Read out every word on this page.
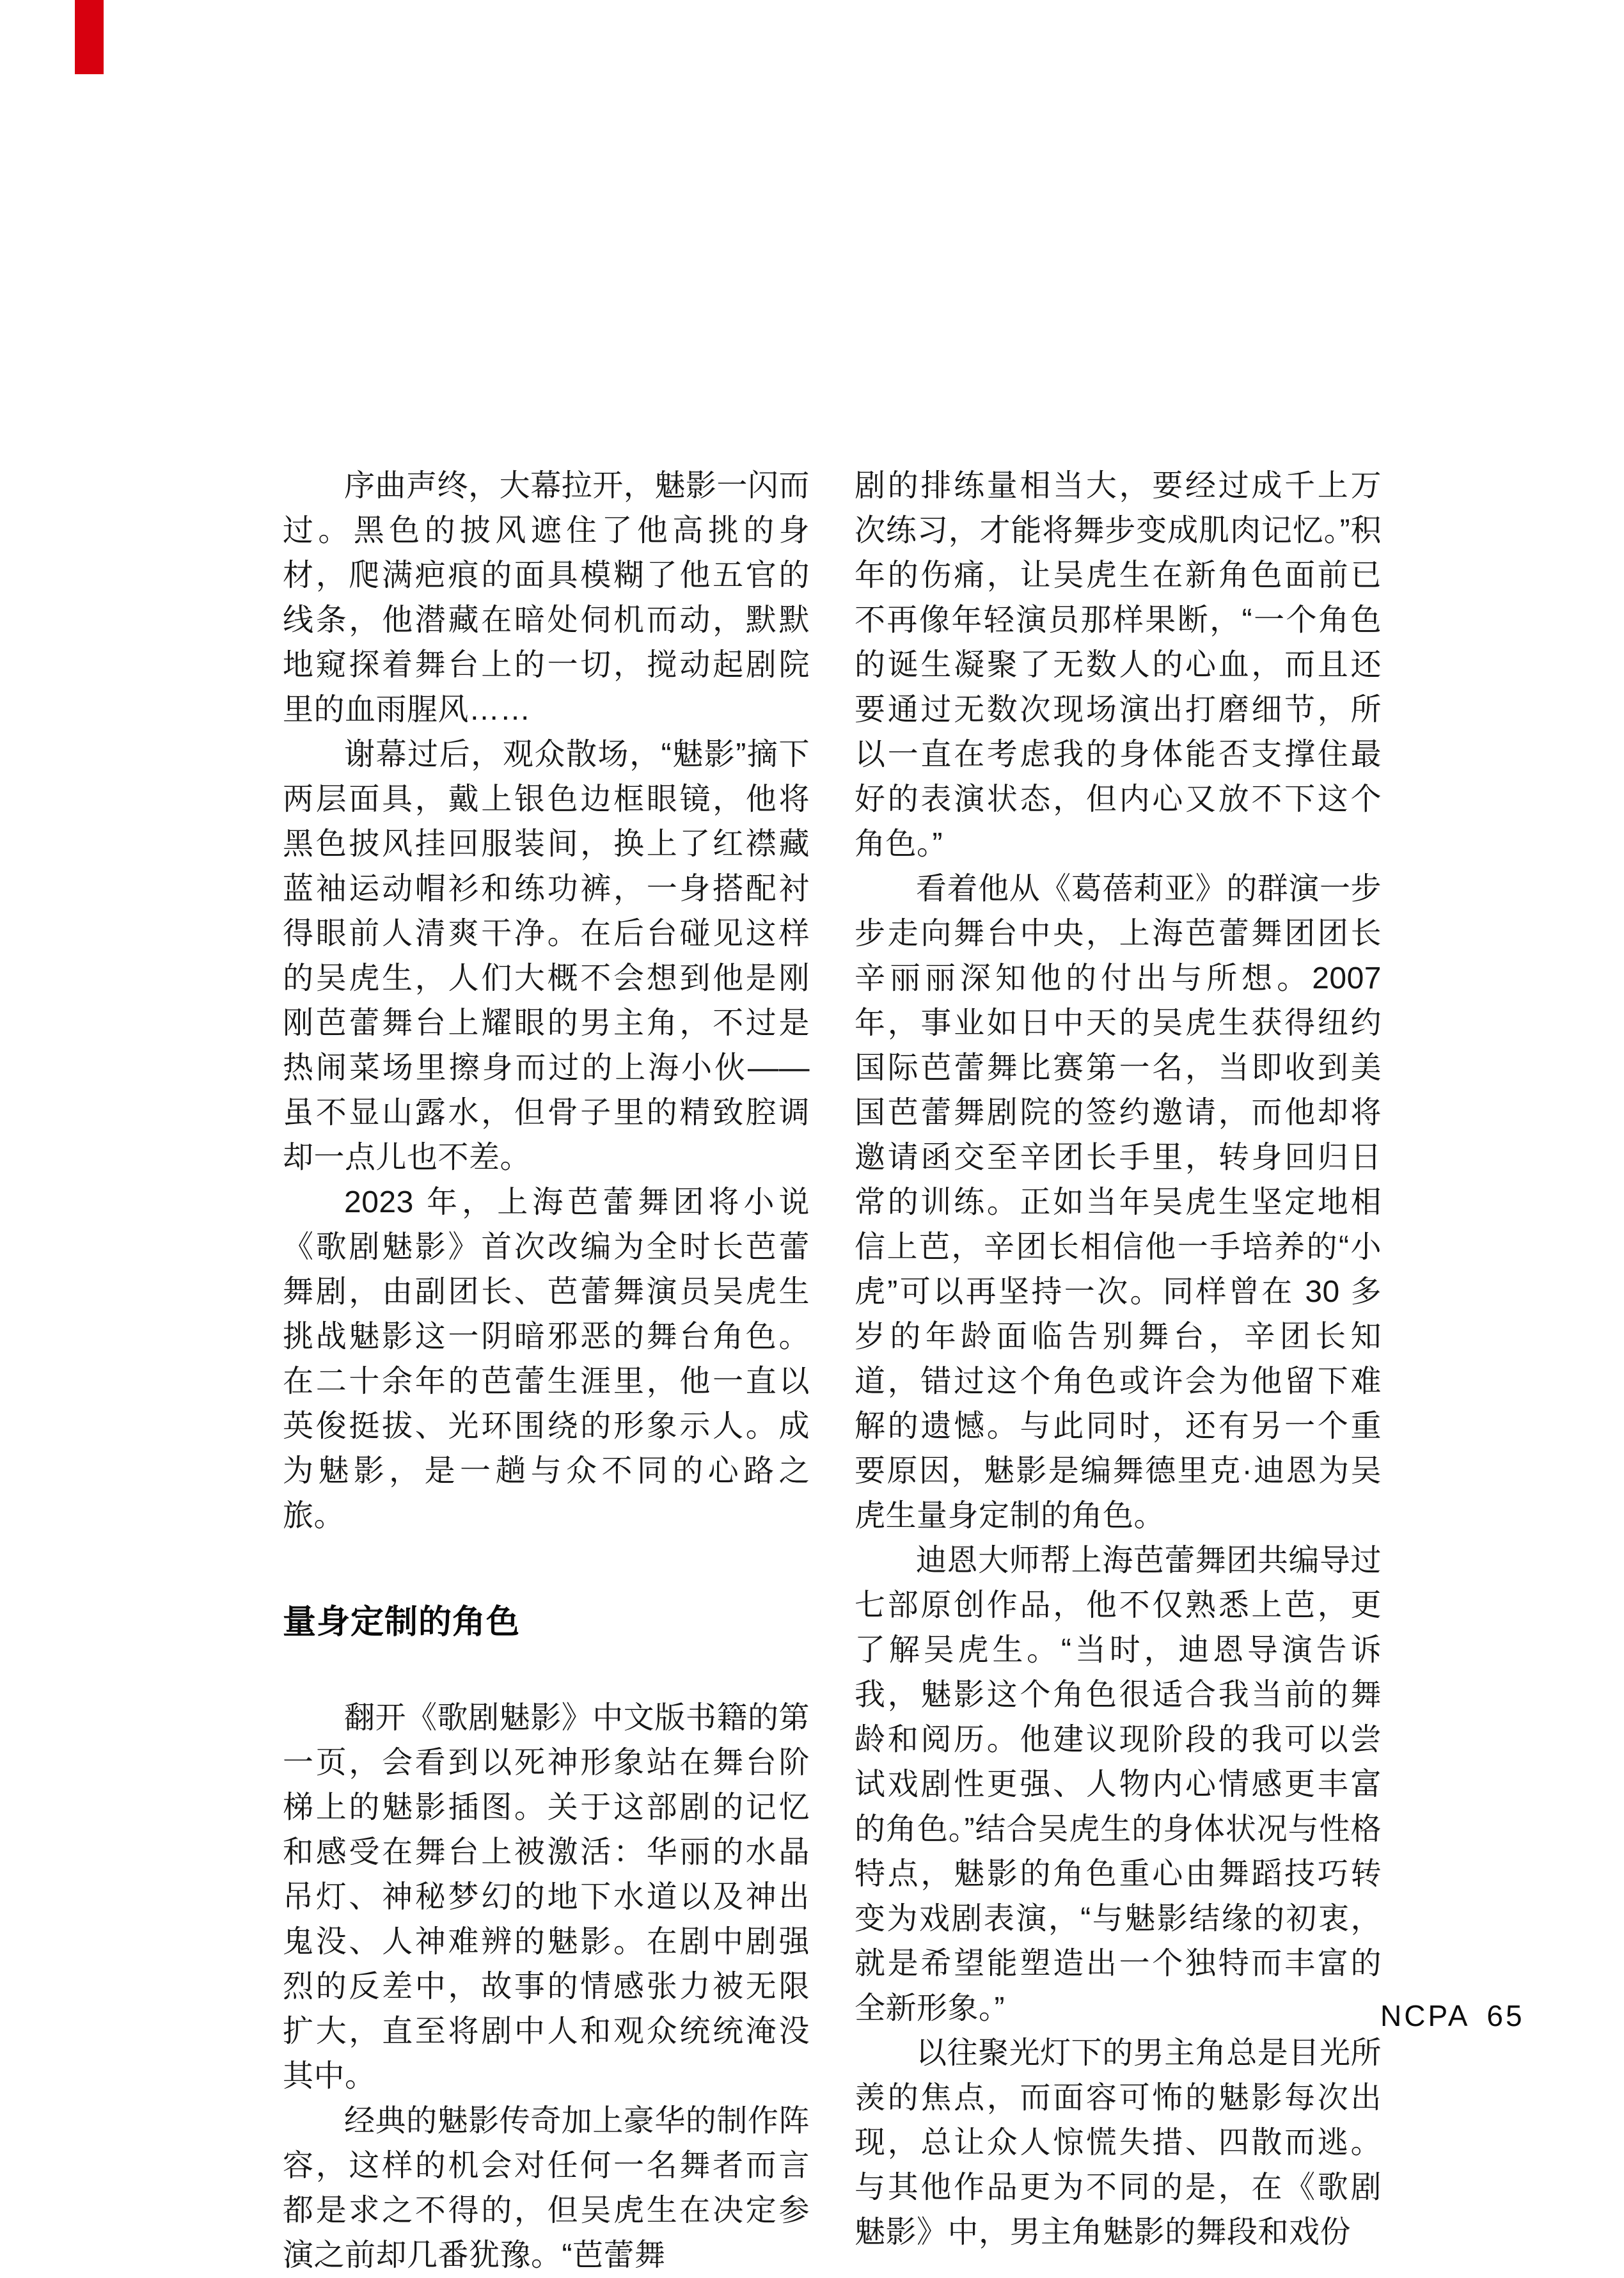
序曲声终，大幕拉开，魅影一闪而过。黑色的披风遮住了他高挑的身材，爬满疤痕的面具模糊了他五官的线条，他潜藏在暗处伺机而动，默默地窥探着舞台上的一切，搅动起剧院里的血雨腥风……

谢幕过后，观众散场，“魅影”摘下两层面具，戴上银色边框眼镜，他将黑色披风挂回服装间，换上了红襟藏蓝袖运动帽衫和练功裤，一身搭配衬得眼前人清爽干净。在后台碰见这样的吴虎生，人们大概不会想到他是刚刚芭蕾舞台上耀眼的男主角，不过是热闹菜场里擦身而过的上海小伙——虽不显山露水，但骨子里的精致腔调却一点儿也不差。

2023 年，上海芭蕾舞团将小说《歌剧魅影》首次改编为全时长芭蕾舞剧，由副团长、芭蕾舞演员吴虎生挑战魅影这一阴暗邪恶的舞台角色。在二十余年的芭蕾生涯里，他一直以英俊挺拔、光环围绕的形象示人。成为魅影，是一趟与众不同的心路之旅。

量身定制的角色

翻开《歌剧魅影》中文版书籍的第一页，会看到以死神形象站在舞台阶梯上的魅影插图。关于这部剧的记忆和感受在舞台上被激活：华丽的水晶吊灯、神秘梦幻的地下水道以及神出鬼没、人神难辨的魅影。在剧中剧强烈的反差中，故事的情感张力被无限扩大，直至将剧中人和观众统统淹没其中。

经典的魅影传奇加上豪华的制作阵容，这样的机会对任何一名舞者而言都是求之不得的，但吴虎生在决定参演之前却几番犹豫。“芭蕾舞

剧的排练量相当大，要经过成千上万次练习，才能将舞步变成肌肉记忆。”积年的伤痛，让吴虎生在新角色面前已不再像年轻演员那样果断，“一个角色的诞生凝聚了无数人的心血，而且还要通过无数次现场演出打磨细节，所以一直在考虑我的身体能否支撑住最好的表演状态，但内心又放不下这个角色。”

看着他从《葛蓓莉亚》的群演一步步走向舞台中央，上海芭蕾舞团团长辛丽丽深知他的付出与所想。2007 年，事业如日中天的吴虎生获得纽约国际芭蕾舞比赛第一名，当即收到美国芭蕾舞剧院的签约邀请，而他却将邀请函交至辛团长手里，转身回归日常的训练。正如当年吴虎生坚定地相信上芭，辛团长相信他一手培养的“小虎”可以再坚持一次。同样曾在 30 多岁的年龄面临告别舞台，辛团长知道，错过这个角色或许会为他留下难解的遗憾。与此同时，还有另一个重要原因，魅影是编舞德里克·迪恩为吴虎生量身定制的角色。

迪恩大师帮上海芭蕾舞团共编导过七部原创作品，他不仅熟悉上芭，更了解吴虎生。“当时，迪恩导演告诉我，魅影这个角色很适合我当前的舞龄和阅历。他建议现阶段的我可以尝试戏剧性更强、人物内心情感更丰富的角色。”结合吴虎生的身体状况与性格特点，魅影的角色重心由舞蹈技巧转变为戏剧表演，“与魅影结缘的初衷，就是希望能塑造出一个独特而丰富的全新形象。”

以往聚光灯下的男主角总是目光所羡的焦点，而面容可怖的魅影每次出现，总让众人惊慌失措、四散而逃。与其他作品更为不同的是，在《歌剧魅影》中，男主角魅影的舞段和戏份

NCPA 65
